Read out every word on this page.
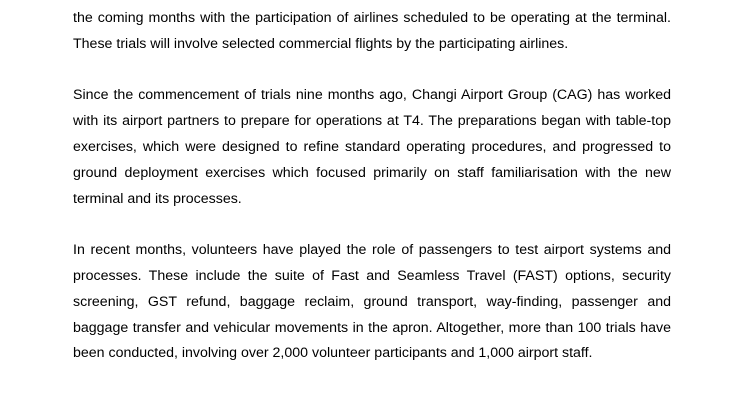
the coming months with the participation of airlines scheduled to be operating at the terminal. These trials will involve selected commercial flights by the participating airlines.

Since the commencement of trials nine months ago, Changi Airport Group (CAG) has worked with its airport partners to prepare for operations at T4. The preparations began with table-top exercises, which were designed to refine standard operating procedures, and progressed to ground deployment exercises which focused primarily on staff familiarisation with the new terminal and its processes.

In recent months, volunteers have played the role of passengers to test airport systems and processes. These include the suite of Fast and Seamless Travel (FAST) options, security screening, GST refund, baggage reclaim, ground transport, way-finding, passenger and baggage transfer and vehicular movements in the apron. Altogether, more than 100 trials have been conducted, involving over 2,000 volunteer participants and 1,000 airport staff.
